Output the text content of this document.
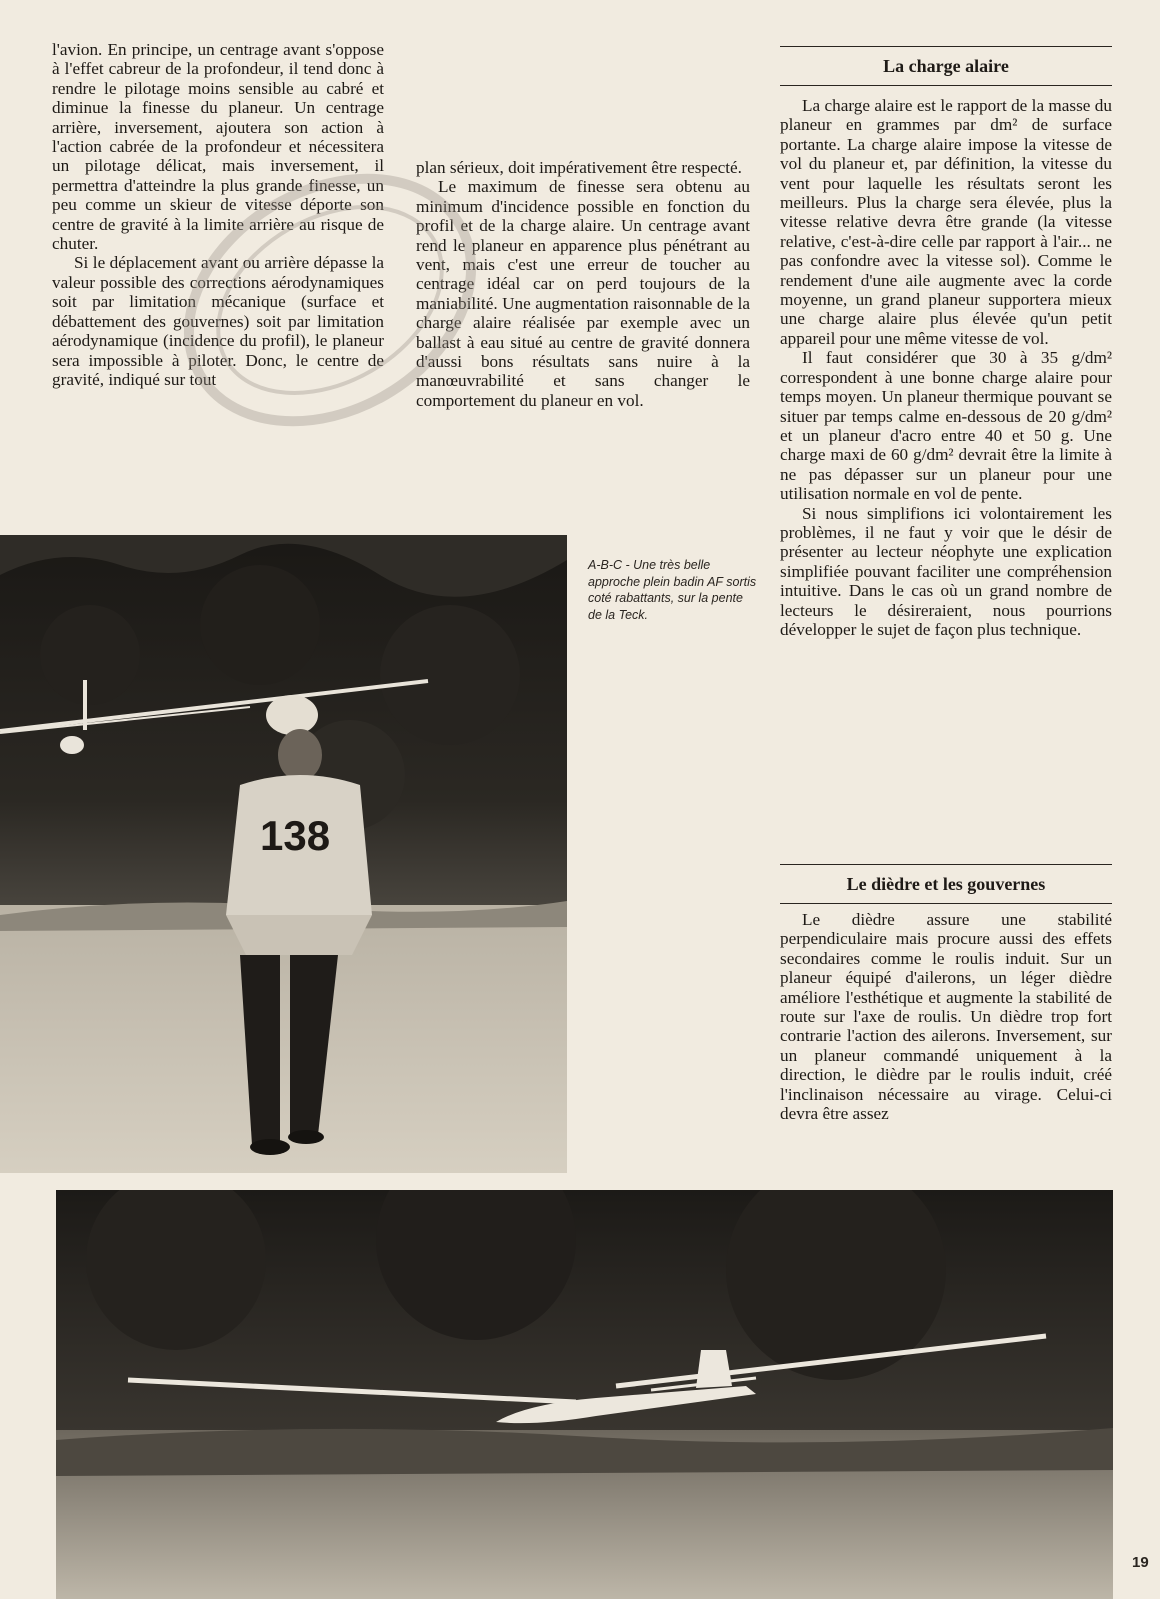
l'avion. En principe, un centrage avant s'oppose à l'effet cabreur de la profondeur, il tend donc à rendre le pilotage moins sensible au cabré et diminue la finesse du planeur. Un centrage arrière, inversement, ajoutera son action à l'action cabrée de la profondeur et nécessitera un pilotage délicat, mais inversement, il permettra d'atteindre la plus grande finesse, un peu comme un skieur de vitesse déporte son centre de gravité à la limite arrière au risque de chuter.

Si le déplacement avant ou arrière dépasse la valeur possible des corrections aérodynamiques soit par limitation mécanique (surface et débattement des gouvernes) soit par limitation aérodynamique (incidence du profil), le planeur sera impossible à piloter. Donc, le centre de gravité, indiqué sur tout

plan sérieux, doit impérativement être respecté.

Le maximum de finesse sera obtenu au minimum d'incidence possible en fonction du profil et de la charge alaire. Un centrage avant rend le planeur en apparence plus pénétrant au vent, mais c'est une erreur de toucher au centrage idéal car on perd toujours de la maniabilité. Une augmentation raisonnable de la charge alaire réalisée par exemple avec un ballast à eau situé au centre de gravité donnera d'aussi bons résultats sans nuire à la manœuvrabilité et sans changer le comportement du planeur en vol.

La charge alaire

La charge alaire est le rapport de la masse du planeur en grammes par dm² de surface portante. La charge alaire impose la vitesse de vol du planeur et, par définition, la vitesse du vent pour laquelle les résultats seront les meilleurs. Plus la charge sera élevée, plus la vitesse relative devra être grande (la vitesse relative, c'est-à-dire celle par rapport à l'air... ne pas confondre avec la vitesse sol). Comme le rendement d'une aile augmente avec la corde moyenne, un grand planeur supportera mieux une charge alaire plus élevée qu'un petit appareil pour une même vitesse de vol.

Il faut considérer que 30 à 35 g/dm² correspondent à une bonne charge alaire pour temps moyen. Un planeur thermique pouvant se situer par temps calme en-dessous de 20 g/dm² et un planeur d'acro entre 40 et 50 g. Une charge maxi de 60 g/dm² devrait être la limite à ne pas dépasser sur un planeur pour une utilisation normale en vol de pente.

Si nous simplifions ici volontairement les problèmes, il ne faut y voir que le désir de présenter au lecteur néophyte une explication simplifiée pouvant faciliter une compréhension intuitive. Dans le cas où un grand nombre de lecteurs le désireraient, nous pourrions développer le sujet de façon plus technique.

Le dièdre et les gouvernes

Le dièdre assure une stabilité perpendiculaire mais procure aussi des effets secondaires comme le roulis induit. Sur un planeur équipé d'ailerons, un léger dièdre améliore l'esthétique et augmente la stabilité de route sur l'axe de roulis. Un dièdre trop fort contrarie l'action des ailerons. Inversement, sur un planeur commandé uniquement à la direction, le dièdre par le roulis induit, créé l'inclinaison nécessaire au virage. Celui-ci devra être assez

138
A-B-C - Une très belle approche plein badin AF sortis coté rabattants, sur la pente de la Teck.
19
